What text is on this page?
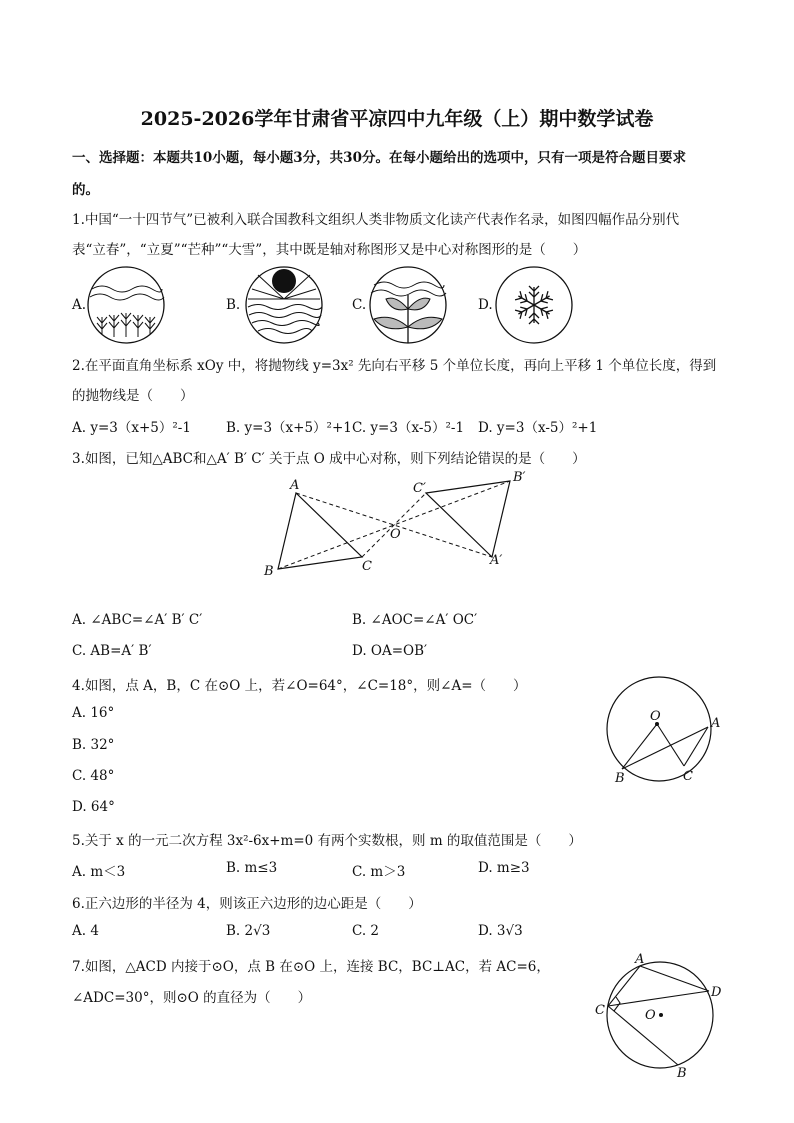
2025-2026学年甘肃省平凉四中九年级（上）期中数学试卷
一、选择题：本题共10小题，每小题3分，共30分。在每小题给出的选项中，只有一项是符合题目要求
的。
1.中国“一十四节气”已被利入联合国教科文组织人类非物质文化读产代表作名录，如图四幅作品分别代
表“立春”，“立夏”“芒种”“大雪”，其中既是轴对称图形又是中心对称图形的是（　　）
A.	B.	C.	D.
2.在平面直角坐标系 xOy 中，将抛物线 y=3x² 先向右平移 5 个单位长度，再向上平移 1 个单位长度，得到
的抛物线是（　　）
A. y=3（x+5）²-1	B. y=3（x+5）²+1 C. y=3（x-5）²-1 D. y=3（x-5）²+1
3.如图，已知△ABC和△A′ B′ C′ 关于点 O 成中心对称，则下列结论错误的是（　　）
A
B	C
C′
B′
A′
O
A. ∠ABC=∠A′ B′ C′	B. ∠AOC=∠A′ OC′
C. AB=A′ B′	D. OA=OB′
4.如图，点 A，B，C 在⊙O 上，若∠O=64°，∠C=18°，则∠A=（　　）
A. 16°
B. 32°
C. 48°
D. 64°
O	A
B	C
5.关于 x 的一元二次方程 3x²-6x+m=0 有两个实数根，则 m 的取值范围是（　　）
A. m＜3	B. m≤3	C. m＞3	D. m≥3
6.正六边形的半径为 4，则该正六边形的边心距是（　　）
A. 4	B. 2√3	C. 2	D. 3√3
7.如图，△ACD 内接于⊙O，点 B 在⊙O 上，连接 BC，BC⊥AC，若 AC=6，
∠ADC=30°，则⊙O 的直径为（　　）
A
D
C	O
B
